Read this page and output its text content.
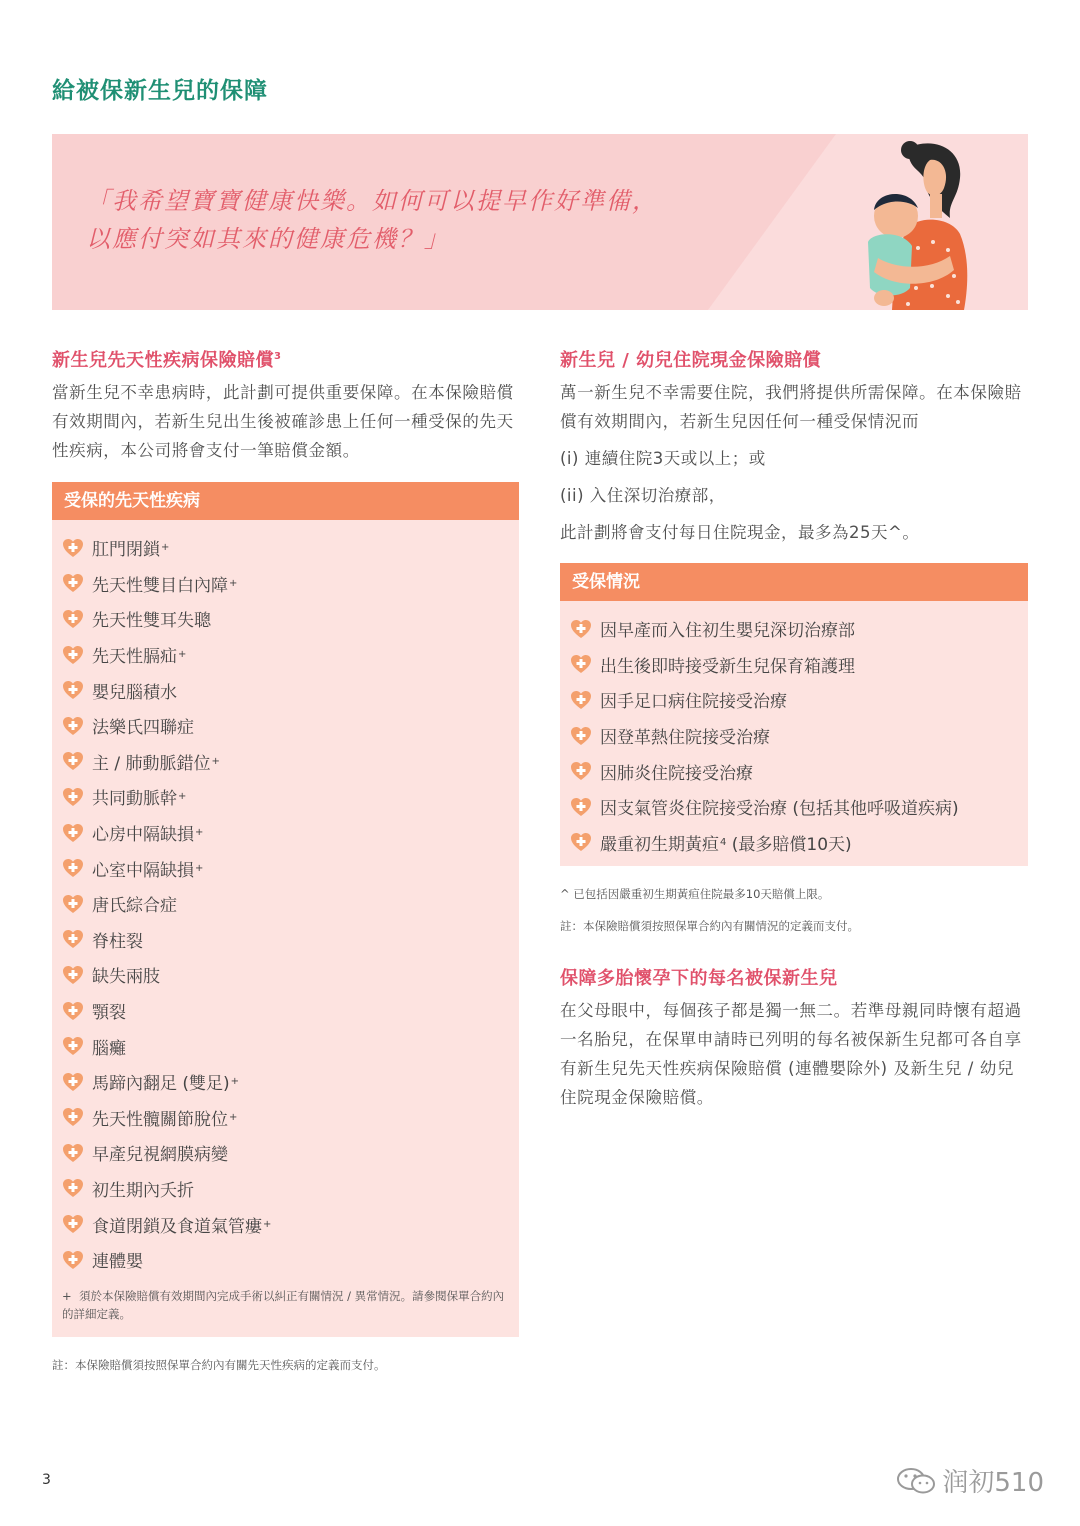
給被保新生兒的保障
「我希望寶寶健康快樂。如何可以提早作好準備，
以應付突如其來的健康危機？」
新生兒先天性疾病保險賠償$^3$

當新生兒不幸患病時，此計劃可提供重要保障。在本保險賠償有效期間內，若新生兒出生後被確診患上任何一種受保的先天性疾病，本公司將會支付一筆賠償金額。

受保的先天性疾病
肛門閉鎖 +
先天性雙目白內障 +
先天性雙耳失聰
先天性膈疝 +
嬰兒腦積水
法樂氏四聯症
主 / 肺動脈錯位 +
共同動脈幹 +
心房中隔缺損 +
心室中隔缺損 +
唐氏綜合症
脊柱裂
缺失兩肢
顎裂
腦癱
馬蹄內翻足 (雙足) +
先天性髖關節脫位 +
早產兒視網膜病變
初生期內夭折
食道閉鎖及食道氣管瘻 +
連體嬰
+ 須於本保險賠償有效期間內完成手術以糾正有關情況 / 異常情況。請參閱保單合約內的詳細定義。
註：本保險賠償須按照保單合約內有關先天性疾病的定義而支付。
新生兒 / 幼兒住院現金保險賠償

萬一新生兒不幸需要住院，我們將提供所需保障。在本保險賠償有效期間內，若新生兒因任何一種受保情況而

(i) 連續住院3天或以上；或
(ii) 入住深切治療部，
此計劃將會支付每日住院現金，最多為25天^。
受保情況
因早產而入住初生嬰兒深切治療部
出生後即時接受新生兒保育箱護理
因手足口病住院接受治療
因登革熱住院接受治療
因肺炎住院接受治療
因支氣管炎住院接受治療 (包括其他呼吸道疾病)
嚴重初生期黃疸 4 (最多賠償10天)
^ 已包括因嚴重初生期黃疸住院最多10天賠償上限。
註：本保險賠償須按照保單合約內有關情況的定義而支付。
保障多胎懷孕下的每名被保新生兒

在父母眼中，每個孩子都是獨一無二。若準母親同時懷有超過一名胎兒，在保單申請時已列明的每名被保新生兒都可各自享有新生兒先天性疾病保險賠償 (連體嬰除外) 及新生兒 / 幼兒住院現金保險賠償。

3	润初510
